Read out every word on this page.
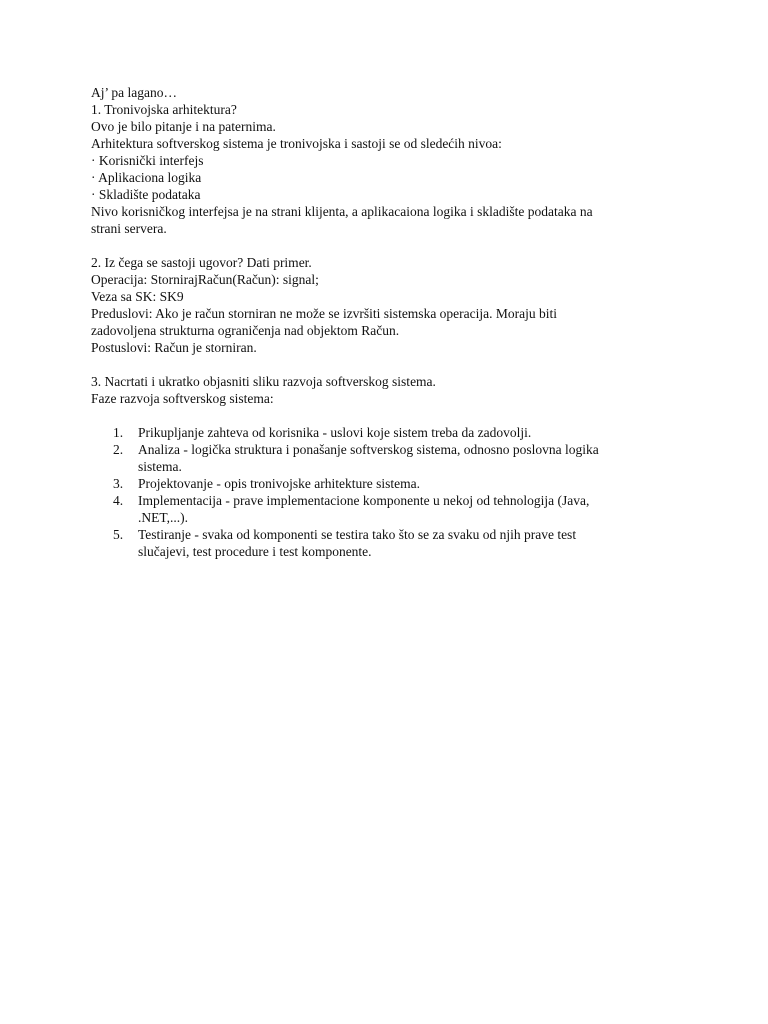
Aj’ pa lagano…

1. Tronivojska arhitektura?

Ovo je bilo pitanje i na paternima.

Arhitektura softverskog sistema je tronivojska i sastoji se od sledećih nivoa:

· Korisnički interfejs

· Aplikaciona logika

· Skladište podataka

Nivo korisničkog interfejsa je na strani klijenta, a aplikacaiona logika i skladište podataka na

strani servera.

2. Iz čega se sastoji ugovor? Dati primer.

Operacija: StornirajRačun(Račun): signal;

Veza sa SK: SK9

Preduslovi: Ako je račun storniran ne može se izvršiti sistemska operacija. Moraju biti

zadovoljena strukturna ograničenja nad objektom Račun.

Postuslovi: Račun je storniran.

3. Nacrtati i ukratko objasniti sliku razvoja softverskog sistema.

Faze razvoja softverskog sistema:

1. Prikupljanje zahteva od korisnika - uslovi koje sistem treba da zadovolji.

2. Analiza - logička struktura i ponašanje softverskog sistema, odnosno poslovna logika

sistema.

3. Projektovanje - opis tronivojske arhitekture sistema.

4. Implementacija - prave implementacione komponente u nekoj od tehnologija (Java,

.NET,...).

5. Testiranje - svaka od komponenti se testira tako što se za svaku od njih prave test

slučajevi, test procedure i test komponente.
